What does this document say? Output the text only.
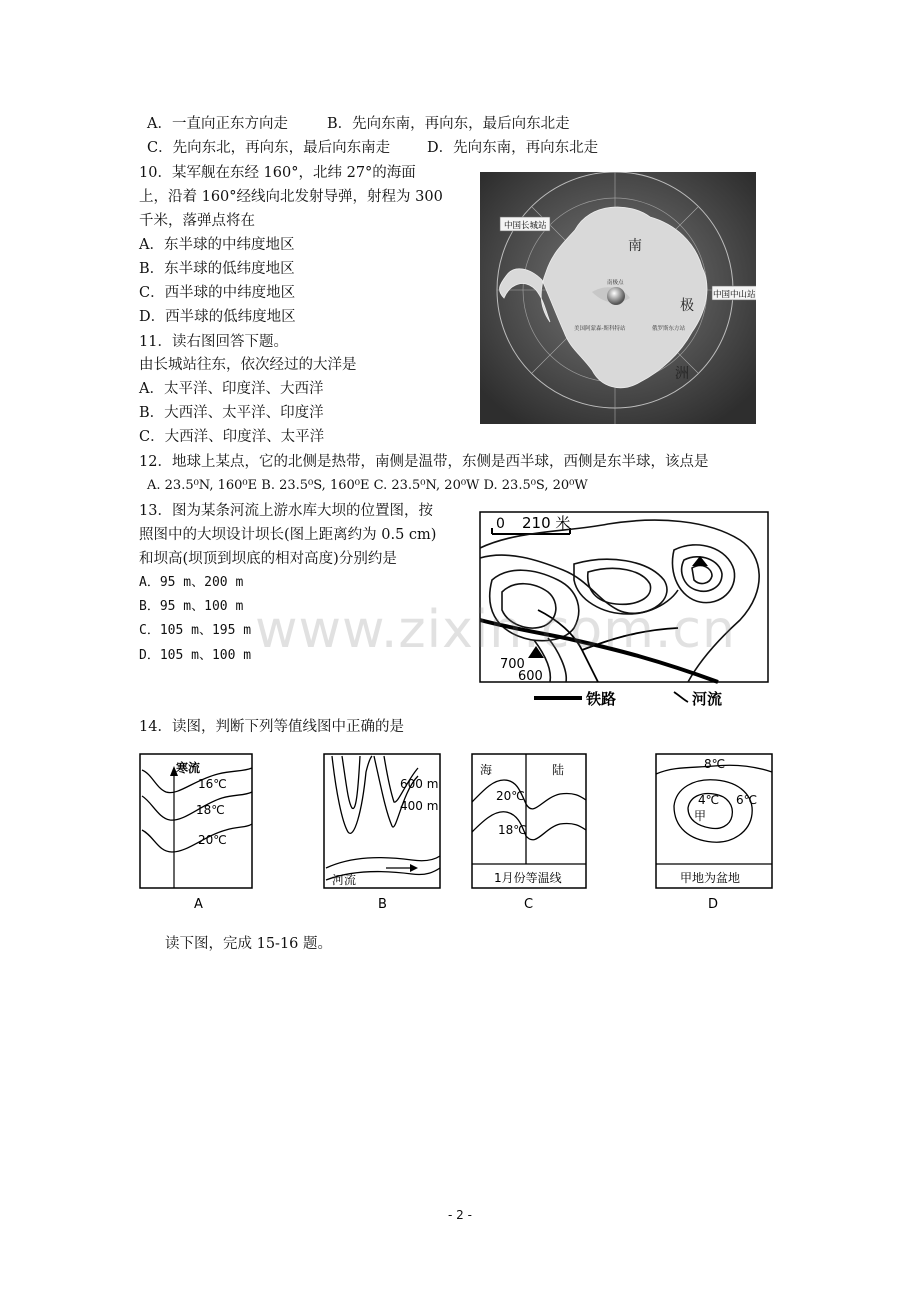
A．一直向正东方向走	B．先向东南，再向东，最后向东北走
C．先向东北，再向东，最后向东南走	D．先向东南，再向东北走
10．某军舰在东经 160°，北纬 27°的海面
上，沿着 160°经线向北发射导弹，射程为 300
千米，落弹点将在
A．东半球的中纬度地区
B．东半球的低纬度地区
C．西半球的中纬度地区
D．西半球的低纬度地区
11．读右图回答下题。
由长城站往东，依次经过的大洋是
A．太平洋、印度洋、大西洋
B．大西洋、太平洋、印度洋
C．大西洋、印度洋、太平洋
中国长城站
中国中山站
南
极
洲
南极点
美国阿蒙森-斯科特站	俄罗斯东方站
12．地球上某点，它的北侧是热带，南侧是温带，东侧是西半球，西侧是东半球，该点是
A. 23.5⁰N, 160⁰E B. 23.5⁰S, 160⁰E C. 23.5⁰N, 20⁰W D. 23.5⁰S, 20⁰W
13．图为某条河流上游水库大坝的位置图，按
照图中的大坝设计坝长(图上距离约为 0.5 cm)
和坝高(坝顶到坝底的相对高度)分别约是
A．95 m、200 m
B．95 m、100 m
C．105 m、195 m
D．105 m、100 m
0 210 米
700
600
铁路	河流
www.zixin.com.cn
14．读图，判断下列等值线图中正确的是
寒流
16℃
18℃
20℃
A
600 m
400 m
河流
B
海	陆
20℃
18℃
1月份等温线
C
8℃
4℃ 6℃
甲
甲地为盆地
D
读下图，完成 15-16 题。
- 2 -
